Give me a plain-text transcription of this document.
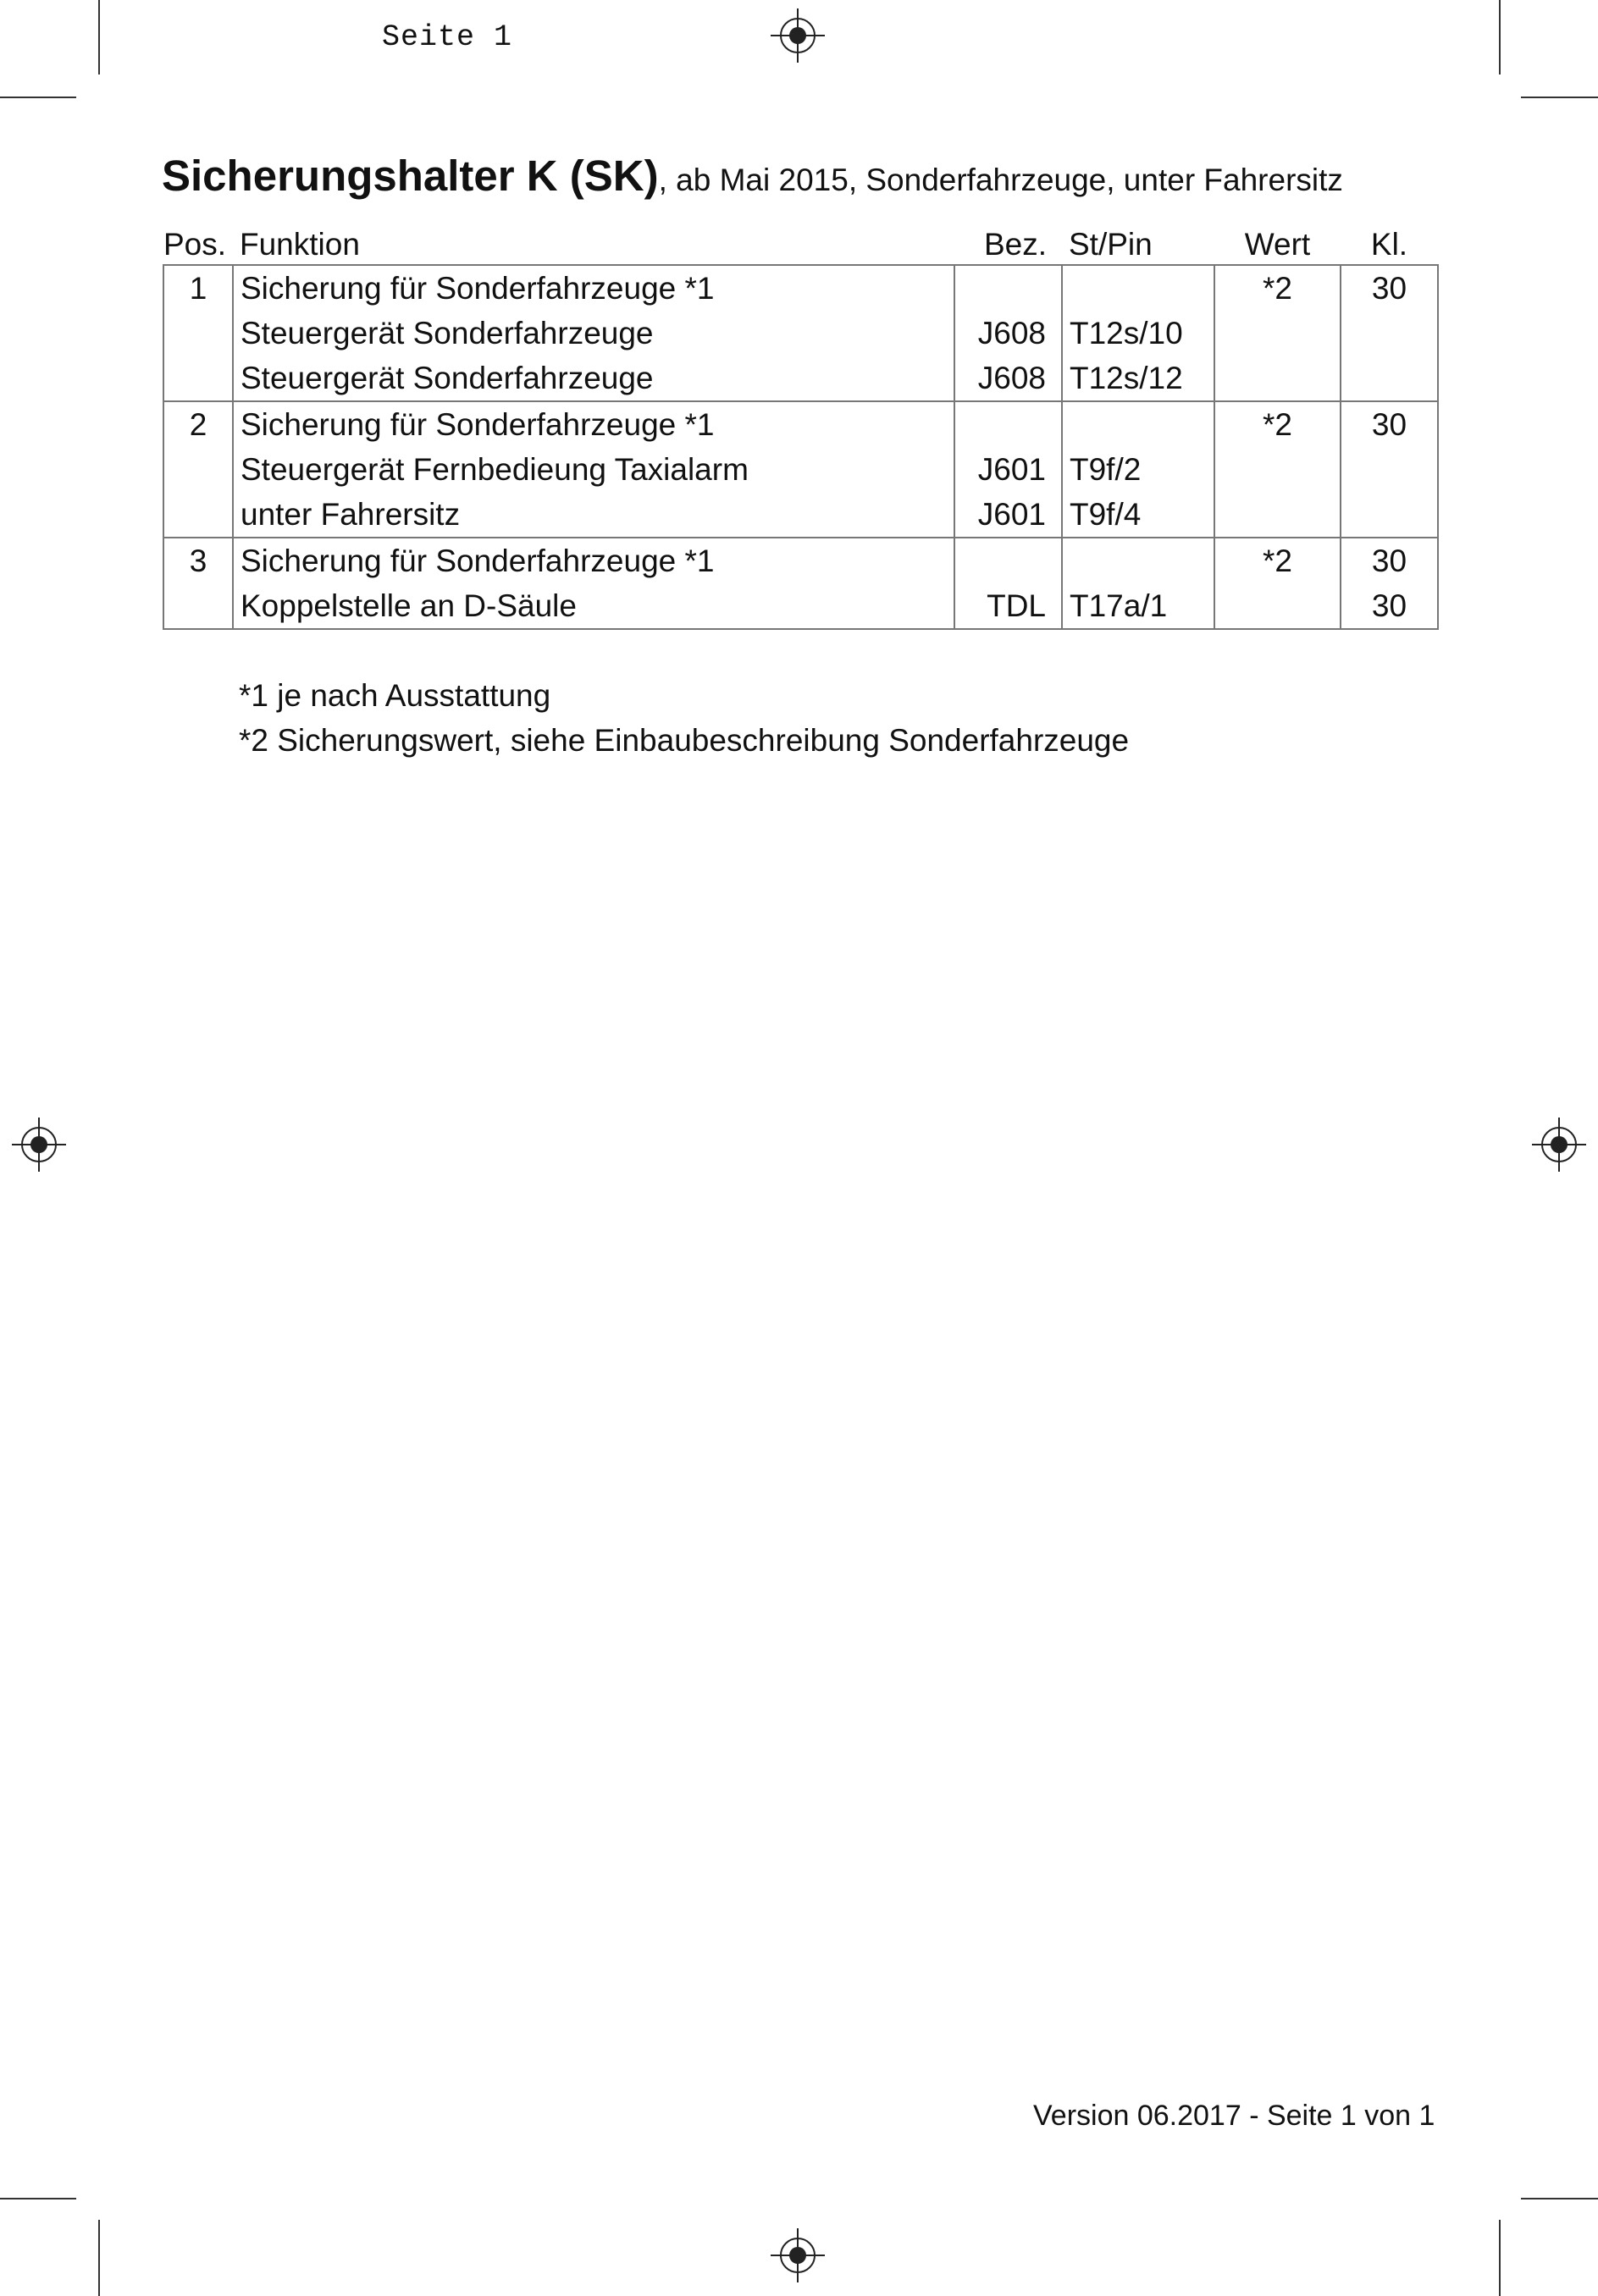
Seite 1
Sicherungshalter K (SK), ab Mai 2015, Sonderfahrzeuge, unter Fahrersitz
Pos.	Funktion	Bez.	St/Pin	Wert	Kl.
1	Sicherung für Sonderfahrzeuge *1			*2	30
	Steuergerät Sonderfahrzeuge	J608	T12s/10		
	Steuergerät Sonderfahrzeuge	J608	T12s/12		
2	Sicherung für Sonderfahrzeuge *1			*2	30
	Steuergerät Fernbedieung Taxialarm	J601	T9f/2		
	unter Fahrersitz	J601	T9f/4		
3	Sicherung für Sonderfahrzeuge *1			*2	30
	Koppelstelle an D-Säule	TDL	T17a/1		30
*1 je nach Ausstattung
*2 Sicherungswert, siehe Einbaubeschreibung Sonderfahrzeuge
Version 06.2017 - Seite 1 von 1
